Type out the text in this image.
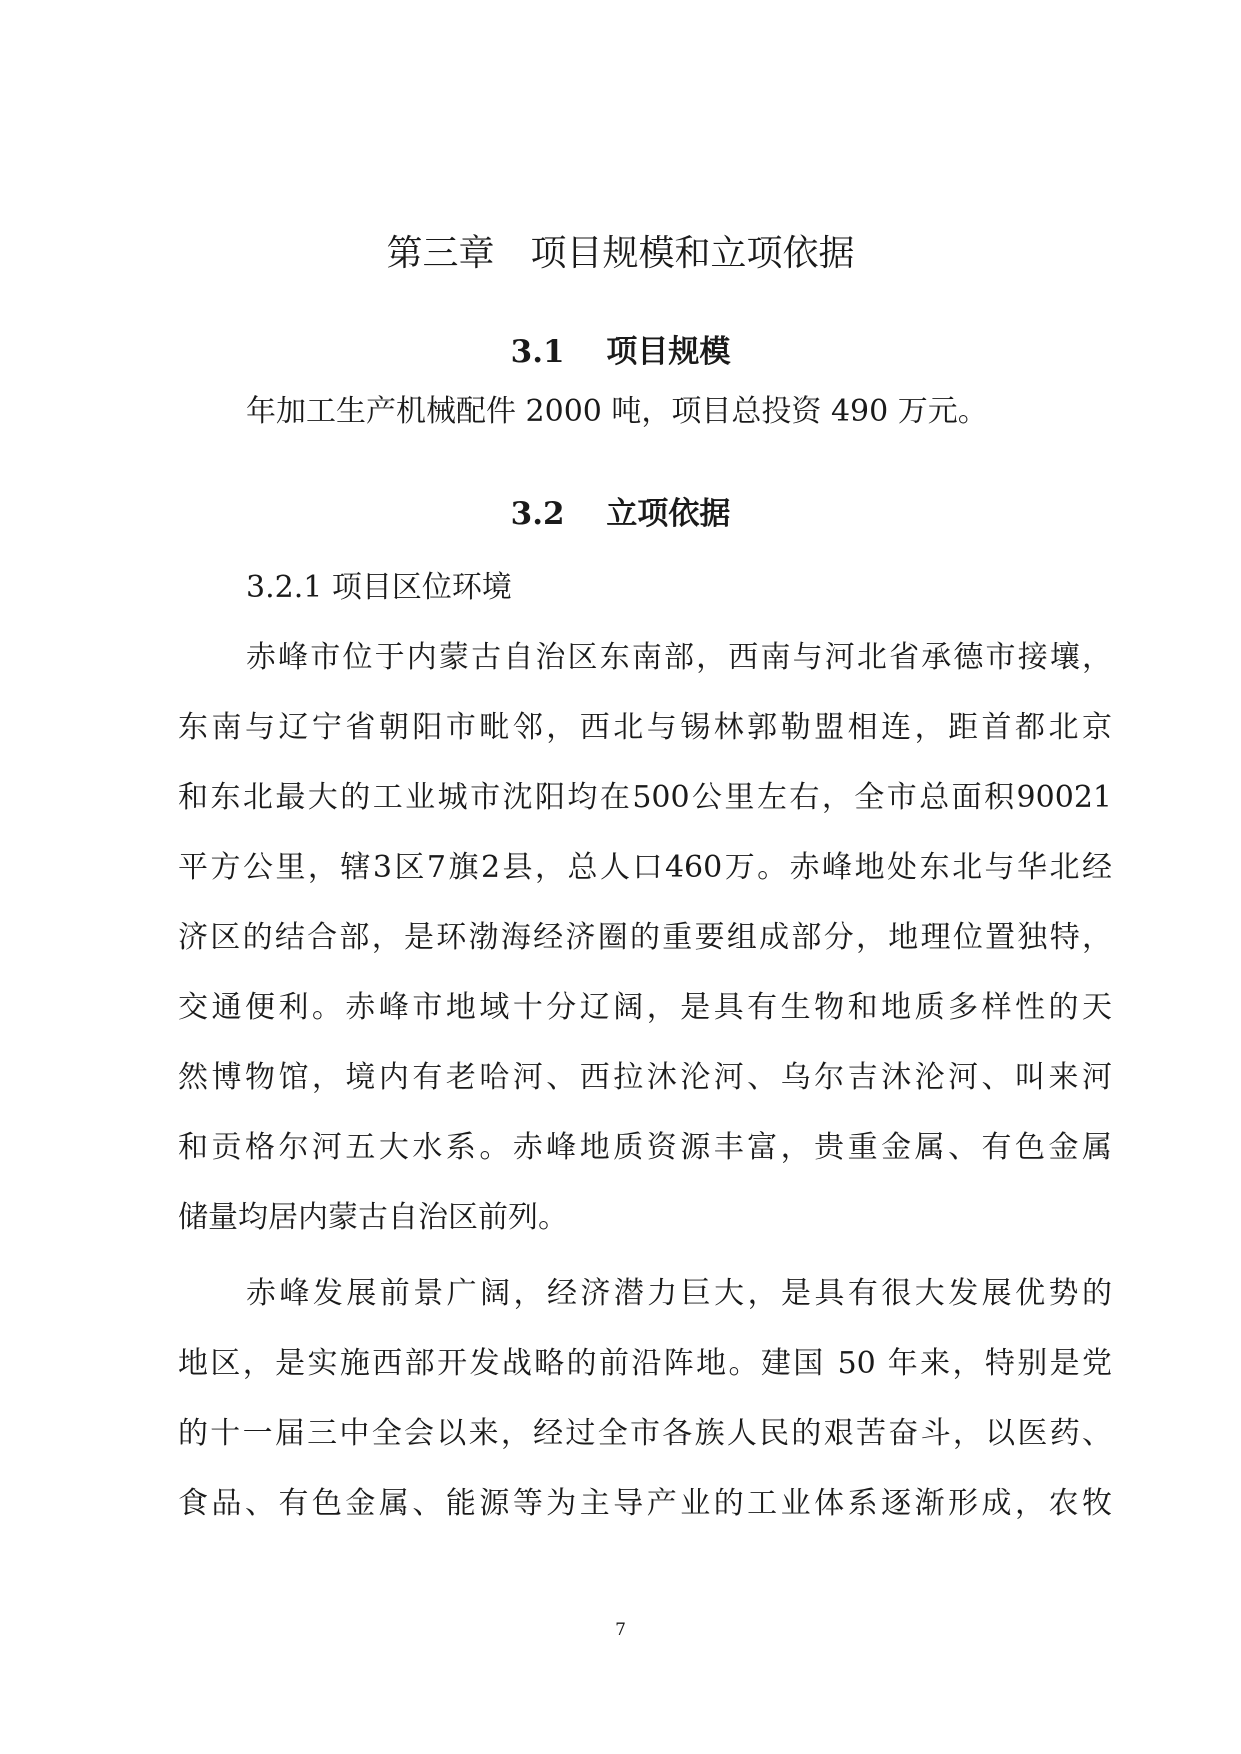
第三章　项目规模和立项依据
3.1　 项目规模

年加工生产机械配件 2000 吨，项目总投资 490 万元。

3.2　 立项依据

3.2.1 项目区位环境

赤峰市位于内蒙古自治区东南部，西南与河北省承德市接壤，

东南与辽宁省朝阳市毗邻，西北与锡林郭勒盟相连，距首都北京

和东北最大的工业城市沈阳均在500公里左右，全市总面积90021

平方公里，辖3区7旗2县，总人口460万。赤峰地处东北与华北经

济区的结合部，是环渤海经济圈的重要组成部分，地理位置独特，

交通便利。赤峰市地域十分辽阔，是具有生物和地质多样性的天

然博物馆，境内有老哈河、西拉沐沦河、乌尔吉沐沦河、叫来河

和贡格尔河五大水系。赤峰地质资源丰富，贵重金属、有色金属

储量均居内蒙古自治区前列。

赤峰发展前景广阔，经济潜力巨大，是具有很大发展优势的

地区，是实施西部开发战略的前沿阵地。建国 50 年来，特别是党

的十一届三中全会以来，经过全市各族人民的艰苦奋斗，以医药、

食品、有色金属、能源等为主导产业的工业体系逐渐形成，农牧

7
